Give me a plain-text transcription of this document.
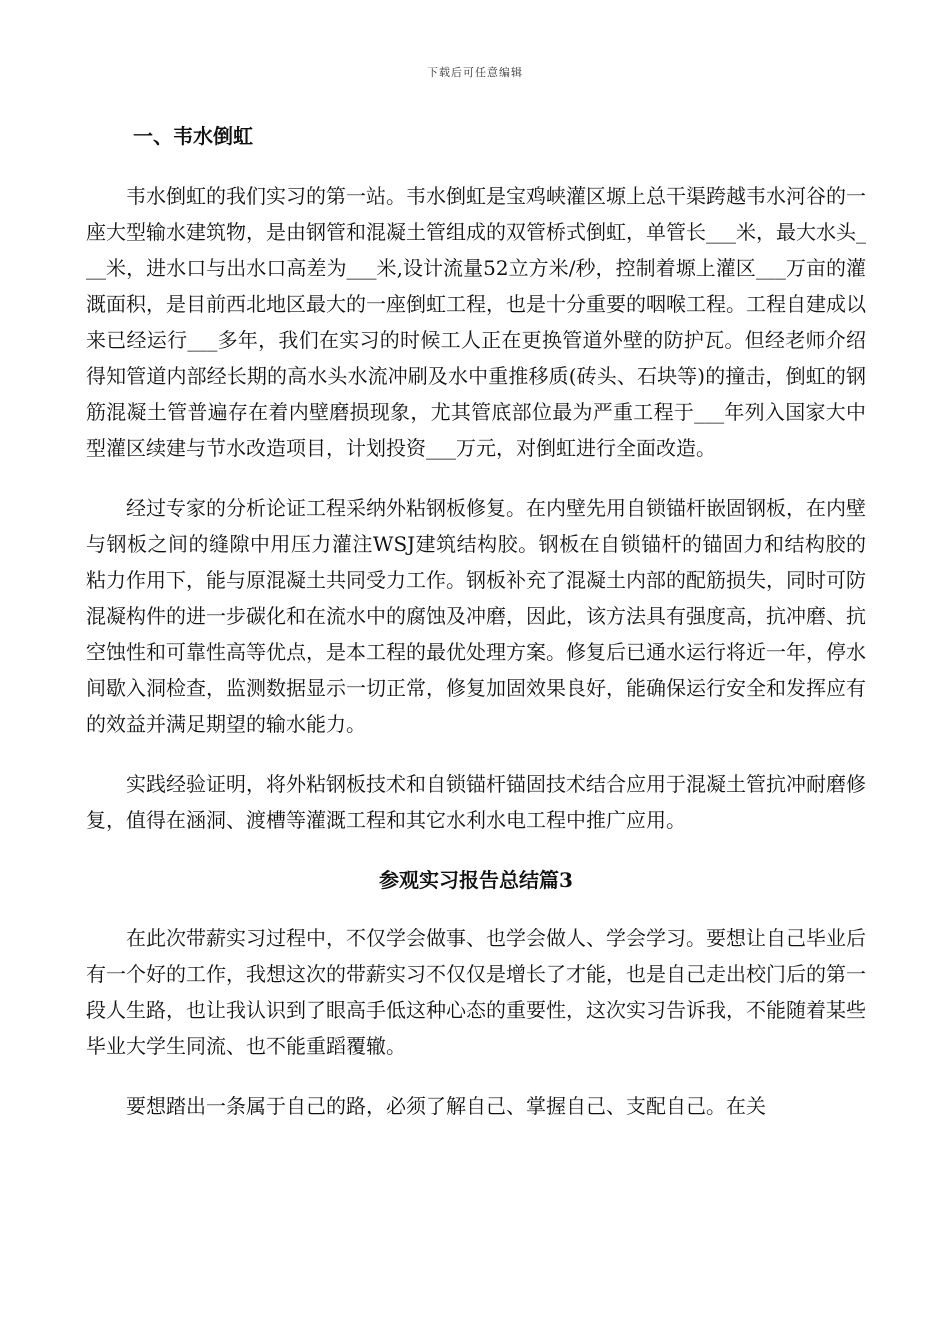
下载后可任意编辑
一、韦水倒虹

韦水倒虹的我们实习的第一站。韦水倒虹是宝鸡峡灌区塬上总干渠跨越韦水河谷的一座大型输水建筑物，是由钢管和混凝土管组成的双管桥式倒虹，单管长___米，最大水头___米，进水口与出水口高差为___米,设计流量52立方米/秒，控制着塬上灌区___万亩的灌溉面积，是目前西北地区最大的一座倒虹工程，也是十分重要的咽喉工程。工程自建成以来已经运行___多年，我们在实习的时候工人正在更换管道外壁的防护瓦。但经老师介绍得知管道内部经长期的高水头水流冲刷及水中重推移质(砖头、石块等)的撞击，倒虹的钢筋混凝土管普遍存在着内壁磨损现象，尤其管底部位最为严重工程于___年列入国家大中型灌区续建与节水改造项目，计划投资___万元，对倒虹进行全面改造。

经过专家的分析论证工程采纳外粘钢板修复。在内壁先用自锁锚杆嵌固钢板，在内壁与钢板之间的缝隙中用压力灌注WSJ建筑结构胶。钢板在自锁锚杆的锚固力和结构胶的粘力作用下，能与原混凝土共同受力工作。钢板补充了混凝土内部的配筋损失，同时可防混凝构件的进一步碳化和在流水中的腐蚀及冲磨，因此，该方法具有强度高，抗冲磨、抗空蚀性和可靠性高等优点，是本工程的最优处理方案。修复后已通水运行将近一年，停水间歇入洞检查，监测数据显示一切正常，修复加固效果良好，能确保运行安全和发挥应有的效益并满足期望的输水能力。

实践经验证明，将外粘钢板技术和自锁锚杆锚固技术结合应用于混凝土管抗冲耐磨修复，值得在涵洞、渡槽等灌溉工程和其它水利水电工程中推广应用。

参观实习报告总结篇3

在此次带薪实习过程中，不仅学会做事、也学会做人、学会学习。要想让自己毕业后有一个好的工作，我想这次的带薪实习不仅仅是增长了才能，也是自己走出校门后的第一段人生路，也让我认识到了眼高手低这种心态的重要性，这次实习告诉我，不能随着某些毕业大学生同流、也不能重蹈覆辙。

要想踏出一条属于自己的路，必须了解自己、掌握自己、支配自己。在关
